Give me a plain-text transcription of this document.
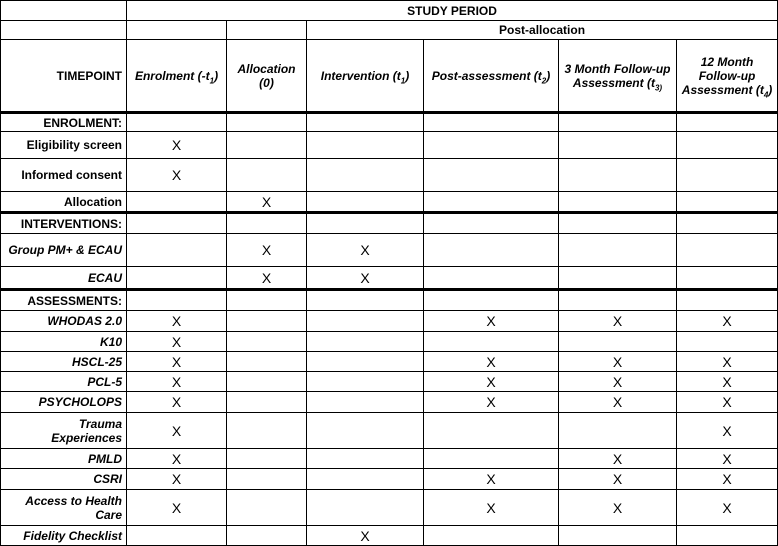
	STUDY PERIOD					
			Post-allocation			
TIMEPOINT	Enrolment $(-t_1)$	Allocation (0)	Intervention $(t_1)$	Post-assessment $(t_2)$	3 Month Follow-up Assessment ($t_{3)}$	12 Month Follow-up Assessment $(t_4)$
ENROLMENT:						
Eligibility screen	X					
Informed consent	X					
Allocation		X				
INTERVENTIONS:						
Group PM+ & ECAU		X	X			
ECAU		X	X			
ASSESSMENTS:						
WHODAS 2.0	X			X	X	X
K10	X					
HSCL-25	X			X	X	X
PCL-5	X			X	X	X
PSYCHOLOPS	X			X	X	X
Trauma Experiences	X					X
PMLD	X				X	X
CSRI	X			X	X	X
Access to Health Care	X			X	X	X
Fidelity Checklist			X			
